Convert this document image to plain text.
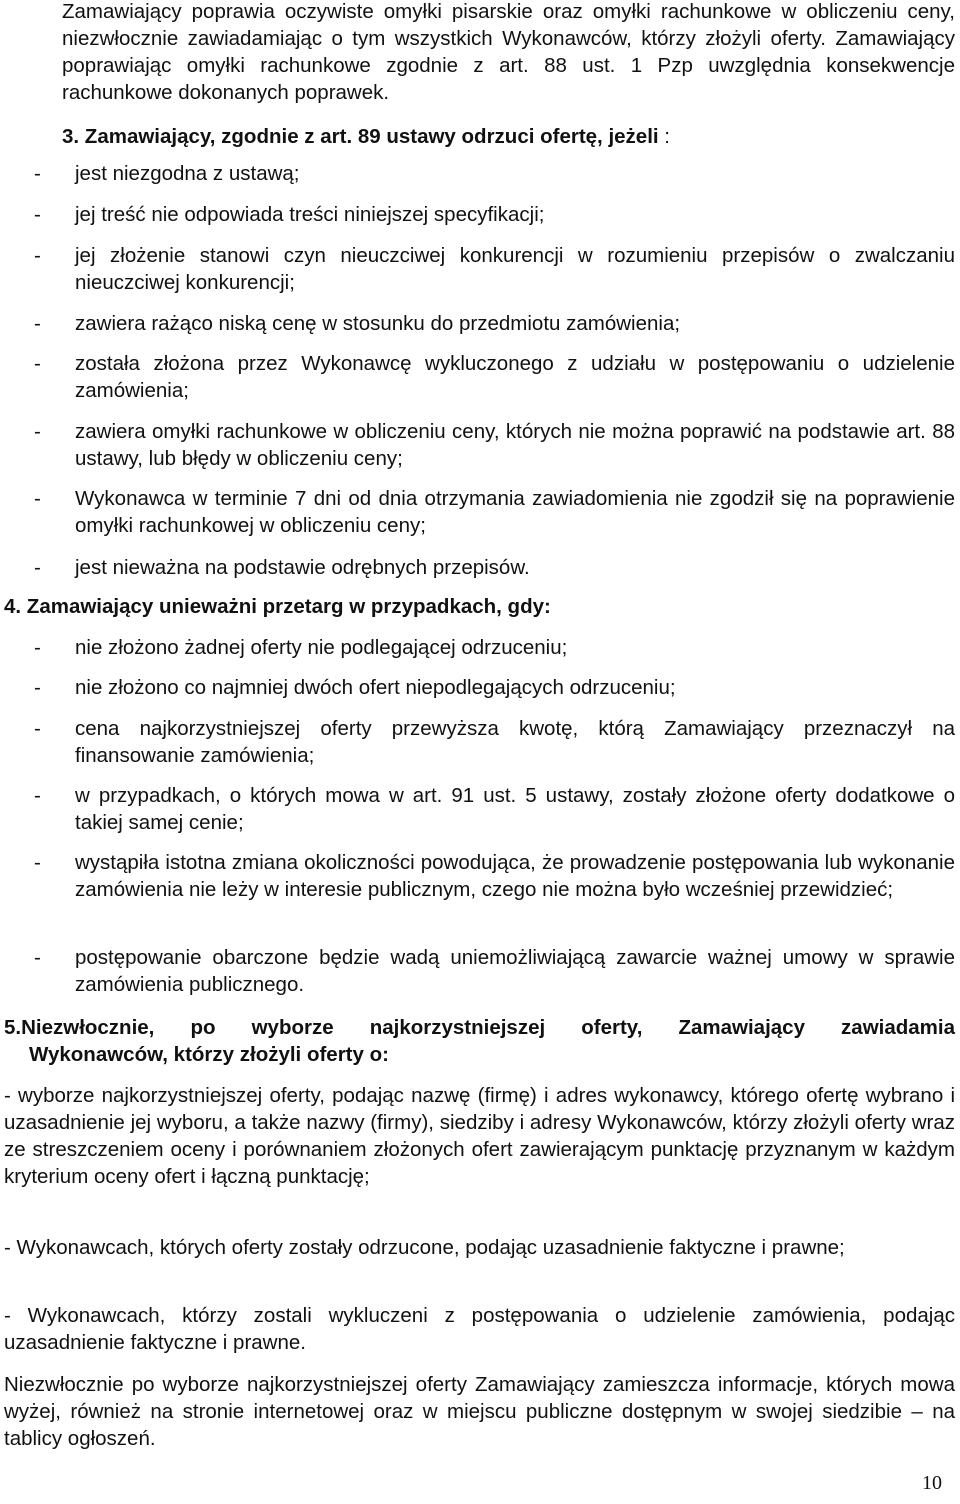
Zamawiający poprawia oczywiste omyłki pisarskie oraz omyłki rachunkowe w obliczeniu ceny, niezwłocznie zawiadamiając o tym wszystkich Wykonawców, którzy złożyli oferty. Zamawiający poprawiając omyłki rachunkowe zgodnie z art. 88 ust. 1 Pzp uwzględnia konsekwencje rachunkowe dokonanych poprawek.

3. Zamawiający, zgodnie z art. 89 ustawy odrzuci ofertę, jeżeli :
- jest niezgodna z ustawą;
- jej treść nie odpowiada treści niniejszej specyfikacji;
- jej złożenie stanowi czyn nieuczciwej konkurencji w rozumieniu przepisów o zwalczaniu nieuczciwej konkurencji;
- zawiera rażąco niską cenę w stosunku do przedmiotu zamówienia;
- została złożona przez Wykonawcę wykluczonego z udziału w postępowaniu o udzielenie zamówienia;
- zawiera omyłki rachunkowe w obliczeniu ceny, których nie można poprawić na podstawie art. 88 ustawy, lub błędy w obliczeniu ceny;
- Wykonawca w terminie 7 dni od dnia otrzymania zawiadomienia nie zgodził się na poprawienie omyłki rachunkowej w obliczeniu ceny;
- jest nieważna na podstawie odrębnych przepisów.
4. Zamawiający unieważni przetarg w przypadkach, gdy:
- nie złożono żadnej oferty nie podlegającej odrzuceniu;
- nie złożono co najmniej dwóch ofert niepodlegających odrzuceniu;
- cena najkorzystniejszej oferty przewyższa kwotę, którą Zamawiający przeznaczył na finansowanie zamówienia;
- w przypadkach, o których mowa w art. 91 ust. 5 ustawy, zostały złożone oferty dodatkowe o takiej samej cenie;
- wystąpiła istotna zmiana okoliczności powodująca, że prowadzenie postępowania lub wykonanie zamówienia nie leży w interesie publicznym, czego nie można było wcześniej przewidzieć;
- postępowanie obarczone będzie wadą uniemożliwiającą zawarcie ważnej umowy w sprawie zamówienia publicznego.
5.Niezwłocznie, po wyborze najkorzystniejszej oferty, Zamawiający zawiadamia
Wykonawców, którzy złożyli oferty o:
- wyborze najkorzystniejszej oferty, podając nazwę (firmę) i adres wykonawcy, którego ofertę wybrano i uzasadnienie jej wyboru, a także nazwy (firmy), siedziby i adresy Wykonawców, którzy złożyli oferty wraz ze streszczeniem oceny i porównaniem złożonych ofert zawierającym punktację przyznanym w każdym kryterium oceny ofert i łączną punktację;
- Wykonawcach, których oferty zostały odrzucone, podając uzasadnienie faktyczne i prawne;
- Wykonawcach, którzy zostali wykluczeni z postępowania o udzielenie zamówienia, podając uzasadnienie faktyczne i prawne.
Niezwłocznie po wyborze najkorzystniejszej oferty Zamawiający zamieszcza informacje, których mowa wyżej, również na stronie internetowej oraz w miejscu publiczne dostępnym w swojej siedzibie – na tablicy ogłoszeń.
10
